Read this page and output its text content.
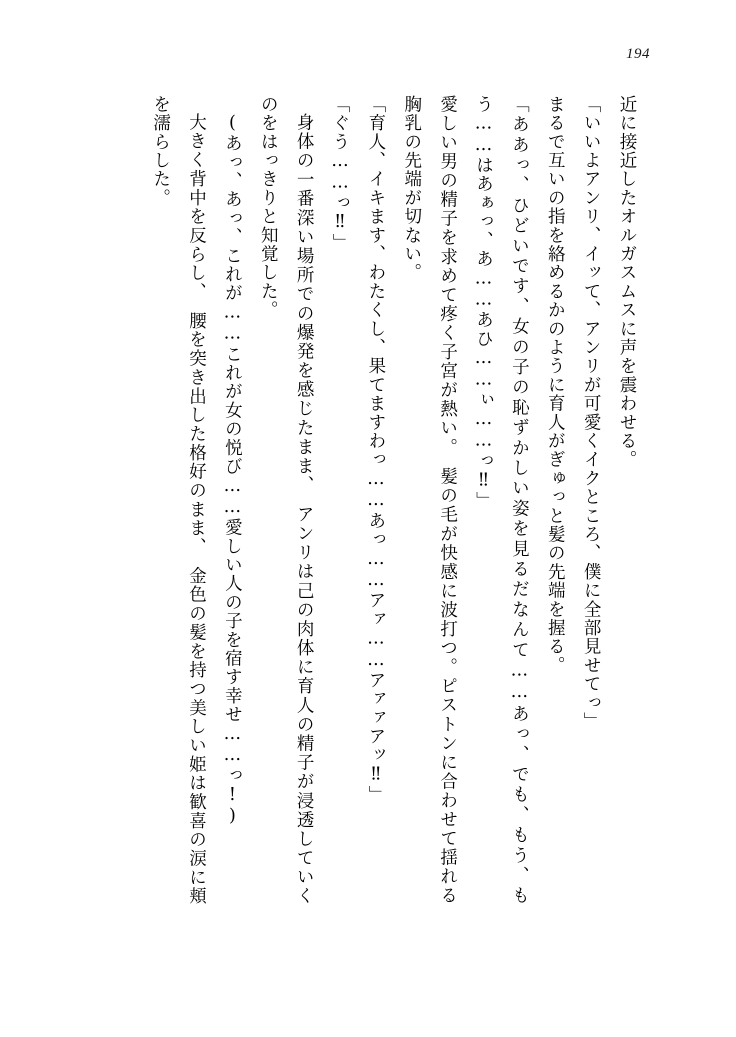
194

近に接近したオルガスムスに声を震わせる。

「いいよアンリ、イッて、アンリが可愛くイクところ、僕に全部見せてっ」

まるで互いの指を絡めるかのように育人がぎゅっと髪の先端を握る。

「ああっ、ひどいです、女の子の恥ずかしい姿を見るだなんて……あっ、でも、もう、もう……はあぁっ、あ……あひ……ぃ……っ‼」

愛しい男の精子を求めて疼く子宮が熱い。　髪の毛が快感に波打つ。ピストンに合わせて揺れる胸乳の先端が切ない。

「育人、イキます、わたくし、果てますわっ……あっ……アァ……アァァアッ‼」

「ぐう……っ‼」

身体の一番深い場所での爆発を感じたまま、　アンリは己の肉体に育人の精子が浸透していくのをはっきりと知覚した。

(あっ、あっ、これが……これが女の悦び……愛しい人の子を宿す幸せ……っ!)

大きく背中を反らし、　腰を突き出した格好のまま、　金色の髪を持つ美しい姫は歓喜の涙に頬を濡らした。
